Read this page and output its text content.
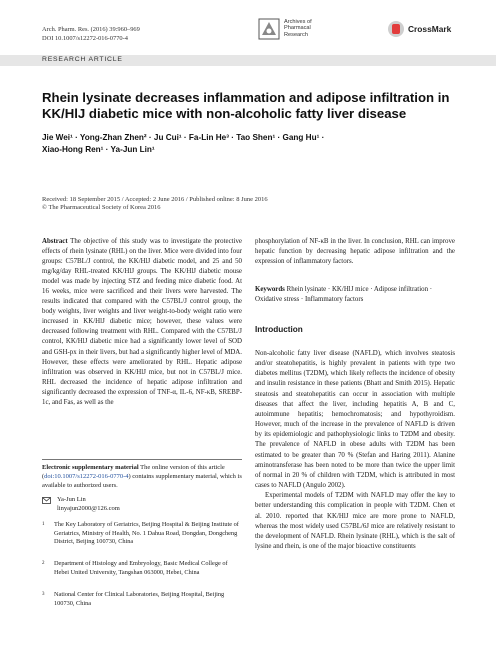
Arch. Pharm. Res. (2016) 39:960–969
DOI 10.1007/s12272-016-0770-4
Archives of
Pharmacal
Research
CrossMark
RESEARCH ARTICLE
Rhein lysinate decreases inflammation and adipose infiltration in KK/HlJ diabetic mice with non-alcoholic fatty liver disease
Jie Wei¹ · Yong-Zhan Zhen² · Ju Cui¹ · Fa-Lin He³ · Tao Shen¹ · Gang Hu¹ ·
Xiao-Hong Ren¹ · Ya-Jun Lin¹
Received: 18 September 2015 / Accepted: 2 June 2016 / Published online: 8 June 2016
© The Pharmaceutical Society of Korea 2016
Abstract The objective of this study was to investigate the protective effects of rhein lysinate (RHL) on the liver. Mice were divided into four groups: C57BL/J control, the KK/HlJ diabetic model, and 25 and 50 mg/kg/day RHL-treated KK/HlJ groups. The KK/HlJ diabetic mouse model was made by injecting STZ and feeding mice diabetic food. At 16 weeks, mice were sacrificed and their livers were harvested. The results indicated that compared with the C57BL/J control group, the body weights, liver weights and liver weight-to-body weight ratio were increased in KK/HlJ diabetic mice; however, these values were decreased following treatment with RHL. Compared with the C57BL/J control, KK/HlJ diabetic mice had a significantly lower level of SOD and GSH-px in their livers, but had a significantly higher level of MDA. However, these effects were ameliorated by RHL. Hepatic adipose infiltration was observed in KK/HlJ mice, but not in C57BL/J mice. RHL decreased the incidence of hepatic adipose infiltration and significantly decreased the expression of TNF-α, IL-6, NF-κB, SREBP-1c, and Fas, as well as the
Electronic supplementary material The online version of this article (doi:10.1007/s12272-016-0770-4) contains supplementary material, which is available to authorized users.
Ya-Jun Lin
linyajun2000@126.com
1	The Key Laboratory of Geriatrics, Beijing Hospital & Beijing Institute of Geriatrics, Ministry of Health, No. 1 Dahua Road, Dongdan, Dongcheng District, Beijing 100730, China
2	Department of Histology and Embryology, Basic Medical College of Hebei United University, Tangshan 063000, Hebei, China
3	National Center for Clinical Laboratories, Beijing Hospital, Beijing 100730, China
phosphorylation of NF-κB in the liver. In conclusion, RHL can improve hepatic function by decreasing hepatic adipose infiltration and the expression of inflammatory factors.
Keywords Rhein lysinate · KK/HlJ mice · Adipose infiltration · Oxidative stress · Inflammatory factors
Introduction

Non-alcoholic fatty liver disease (NAFLD), which involves steatosis and/or steatohepatitis, is highly prevalent in patients with type two diabetes mellitus (T2DM), which likely reflects the incidence of obesity and insulin resistance in these patients (Bhatt and Smith 2015). Hepatic steatosis and steatohepatitis can occur in association with multiple diseases that affect the liver, including hepatitis A, B and C, autoimmune hepatitis; hemochromatosis; and hypothyroidism. However, much of the increase in the prevalence of NAFLD is driven by its epidemiologic and pathophysiologic links to T2DM and obesity. The prevalence of NAFLD in obese adults with T2DM has been estimated to be greater than 70 % (Stefan and Haring 2011). Alanine aminotransferase has been noted to be more than twice the upper limit of normal in 20 % of children with T2DM, which is attributed in most cases to NAFLD (Angulo 2002).

Experimental models of T2DM with NAFLD may offer the key to better understanding this complication in people with T2DM. Chen et al. 2010. reported that KK/HlJ mice are more prone to NAFLD, whereas the most widely used C57BL/6J mice are relatively resistant to the development of NAFLD. Rhein lysinate (RHL), which is the salt of lysine and rhein, is one of the major bioactive constituents
